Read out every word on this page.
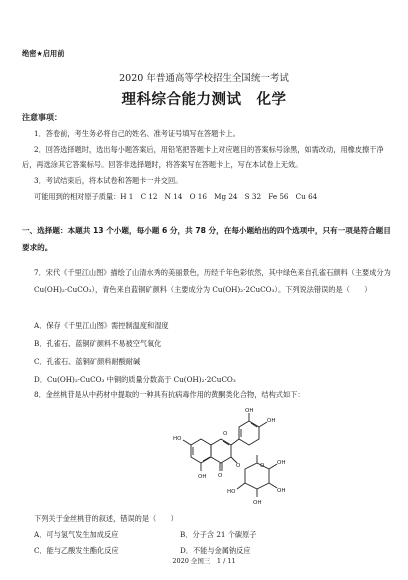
绝密★启用前
2020 年普通高等学校招生全国统一考试
理科综合能力测试　化学
注意事项：
1．答卷前，考生务必将自己的姓名、准考证号填写在答题卡上。
2．回答选择题时，选出每小题答案后，用铅笔把答题卡上对应题目的答案标号涂黑，如需改动，用橡皮擦干净后，再选涂其它答案标号。回答非选择题时，将答案写在答题卡上，写在本试卷上无效。
3．考试结束后，将本试卷和答题卡一并交回。
可能用到的相对原子质量：H 1　C 12　N 14　O 16　Mg 24　S 32　Fe 56　Cu 64
一、选择题：本题共 13 个小题，每小题 6 分，共 78 分，在每小题给出的四个选项中，只有一项是符合题目要求的。
7．宋代《千里江山图》描绘了山清水秀的美丽景色，历经千年色彩依然，其中绿色来自孔雀石颜料（主要成分为 Cu(OH)₂·CuCO₃），青色来自蓝铜矿颜料（主要成分为 Cu(OH)₂·2CuCO₃）。下列说法错误的是（　　）
A．保存《千里江山图》需控制温度和湿度
B．孔雀石、蓝铜矿颜料不易被空气氧化
C．孔雀石、蓝铜矿颜料耐酸耐碱
D．Cu(OH)₂·CuCO₃ 中铜的质量分数高于 Cu(OH)₂·2CuCO₃
8．金丝桃苷是从中药材中提取的一种具有抗病毒作用的黄酮类化合物，结构式如下：
HO
OH O
O
OH
OH
O	O OH
OH
OH
HO
下列关于金丝桃苷的叙述，错误的是（　　）
A．可与氢气发生加成反应	B．分子含 21 个碳原子
C．能与乙酸发生酯化反应	D．不能与金属钠反应
2020 全国三　1 / 11
